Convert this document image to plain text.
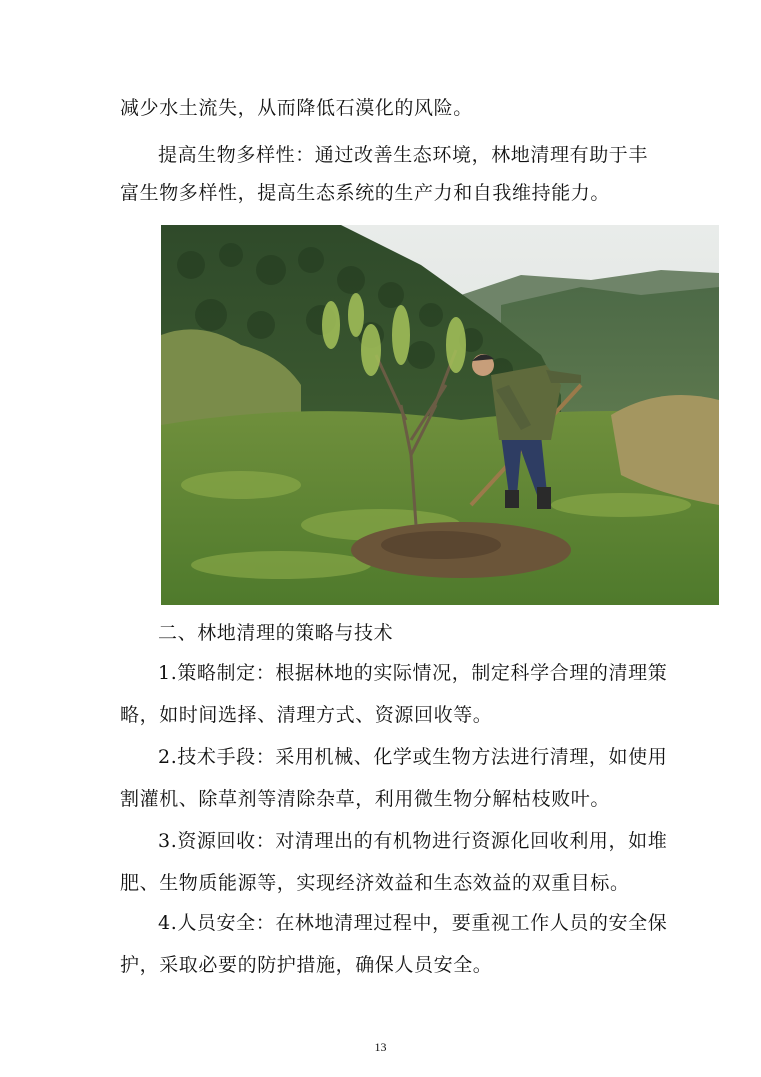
减少水土流失，从而降低石漠化的风险。
提高生物多样性：通过改善生态环境，林地清理有助于丰
富生物多样性，提高生态系统的生产力和自我维持能力。
二、林地清理的策略与技术
1.策略制定：根据林地的实际情况，制定科学合理的清理策
略，如时间选择、清理方式、资源回收等。
2.技术手段：采用机械、化学或生物方法进行清理，如使用
割灌机、除草剂等清除杂草，利用微生物分解枯枝败叶。
3.资源回收：对清理出的有机物进行资源化回收利用，如堆
肥、生物质能源等，实现经济效益和生态效益的双重目标。
4.人员安全：在林地清理过程中，要重视工作人员的安全保
护，采取必要的防护措施，确保人员安全。
13
